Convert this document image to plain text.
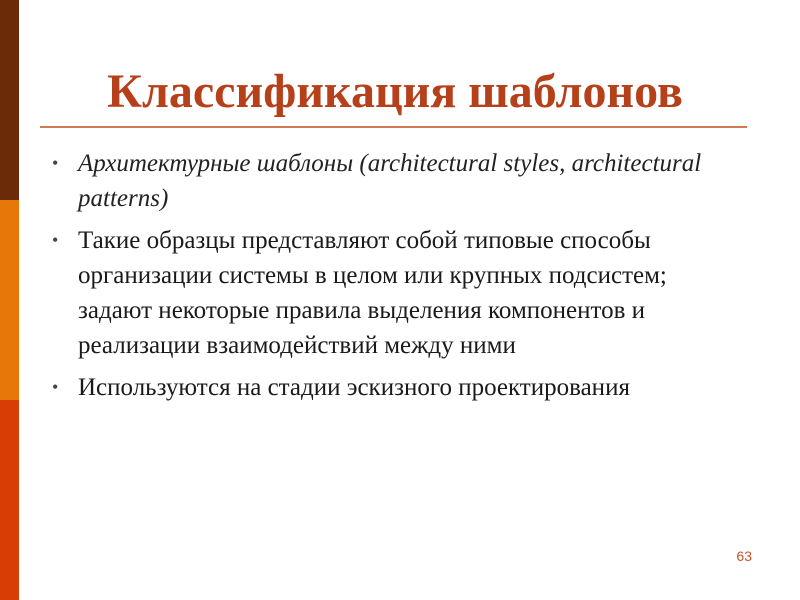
Классификация шаблонов
• Архитектурные шаблоны (architectural styles, architectural patterns)
• Такие образцы представляют собой типовые способы организации системы в целом или крупных подсистем; задают некоторые правила выделения компонентов и реализации взаимодействий между ними
• Используются на стадии эскизного проектирования
63
